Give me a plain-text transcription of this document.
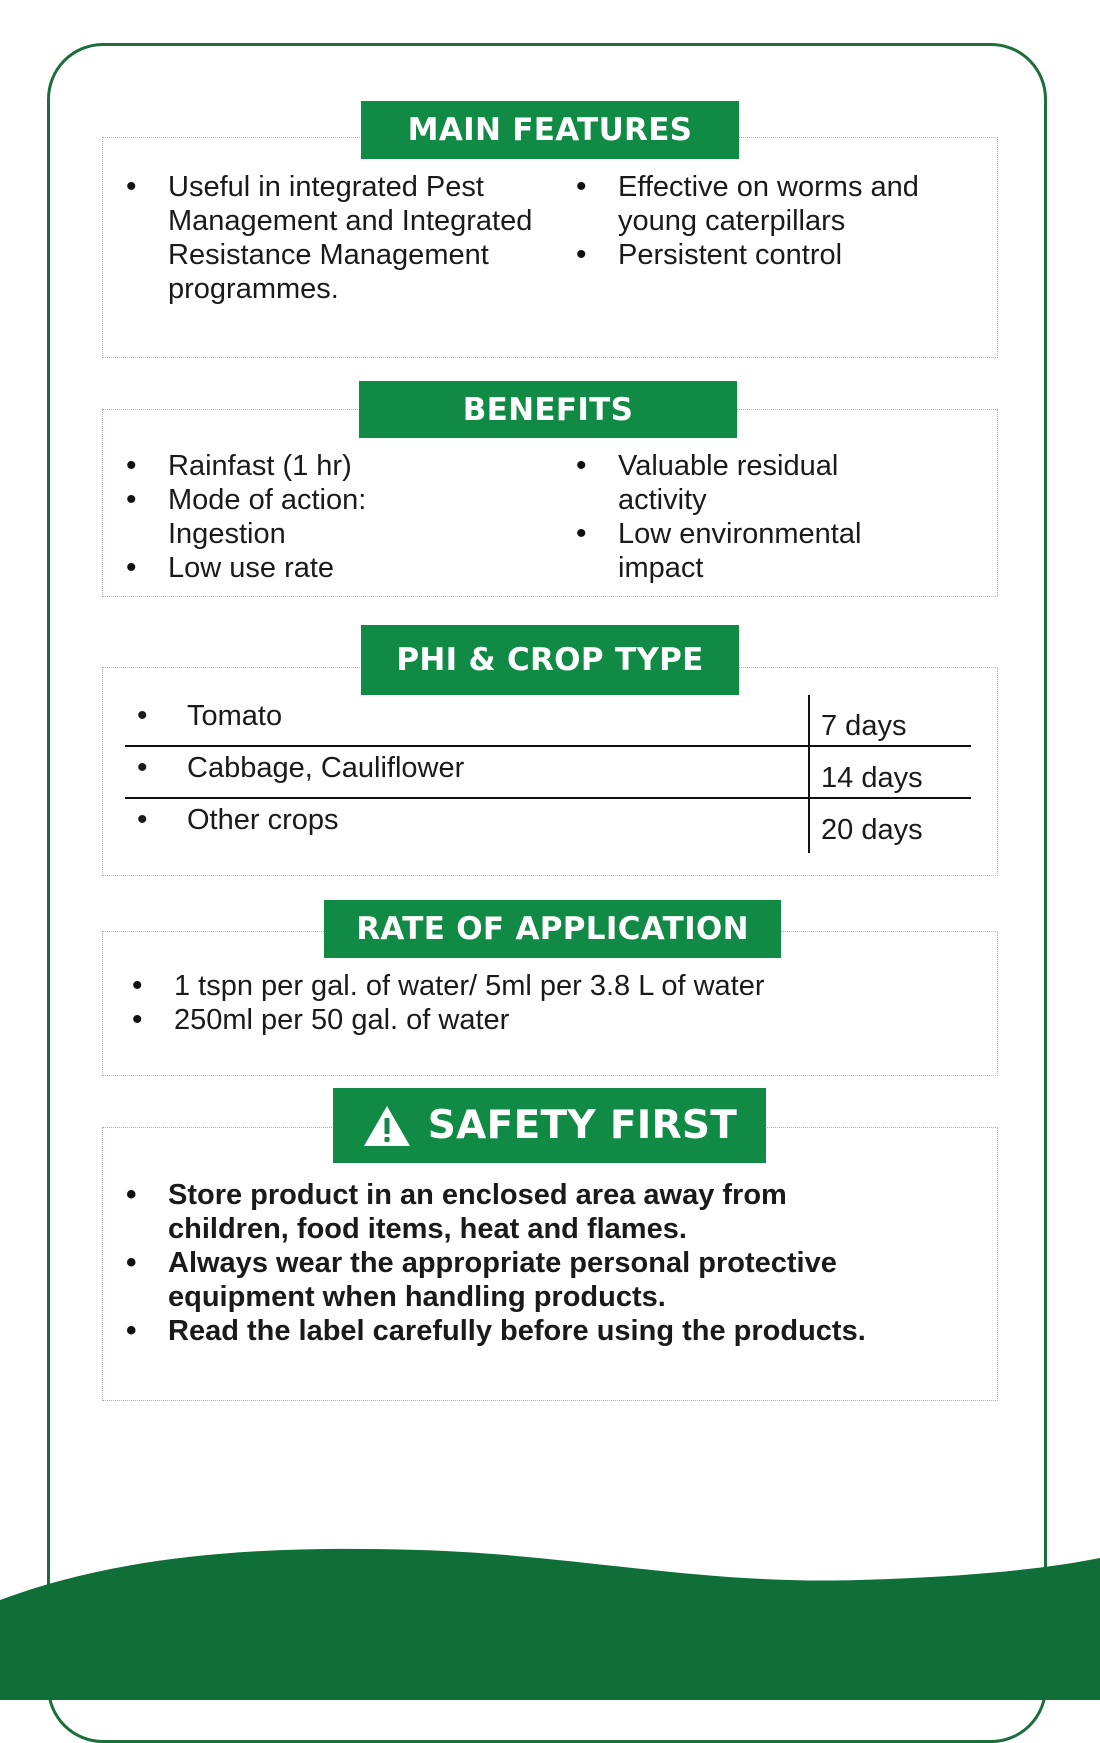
MAIN FEATURES
• Useful in integrated Pest Management and Integrated Resistance Management programmes.
• Effective on worms and young caterpillars
• Persistent control
BENEFITS
• Rainfast (1 hr)
• Mode of action: Ingestion
• Low use rate
• Valuable residual activity
• Low environmental impact
PHI & CROP TYPE
• Tomato	7 days
• Cabbage, Cauliflower	14 days
• Other crops	20 days
RATE OF APPLICATION
• 1 tspn per gal. of water/ 5ml per 3.8 L of water
• 250ml per 50 gal. of water
SAFETY FIRST
• Store product in an enclosed area away from children, food items, heat and flames.
• Always wear the appropriate personal protective equipment when handling products.
• Read the label carefully before using the products.
